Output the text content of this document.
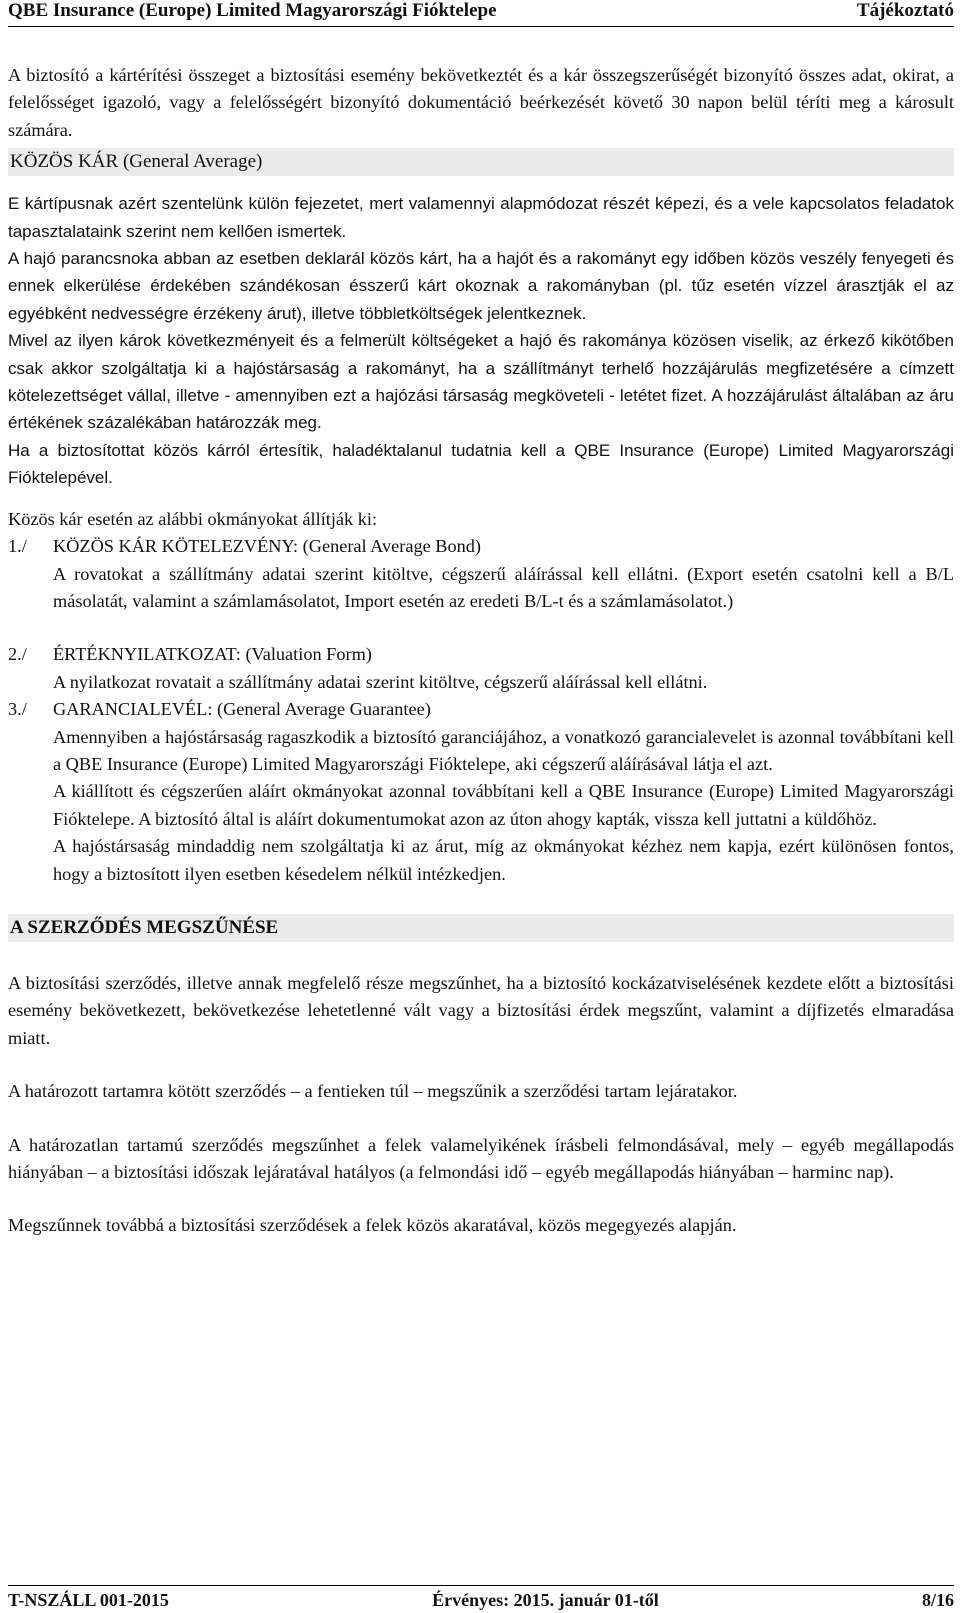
QBE Insurance (Europe) Limited Magyarországi Fióktelepe	Tájékoztató

A biztosító a kártérítési összeget a biztosítási esemény bekövetkeztét és a kár összegszerűségét bizonyító összes adat, okirat, a felelősséget igazoló, vagy a felelősségért bizonyító dokumentáció beérkezését követő 30 napon belül téríti meg a károsult számára.

KÖZÖS KÁR (General Average)

E kártípusnak azért szentelünk külön fejezetet, mert valamennyi alapmódozat részét képezi, és a vele kapcsolatos feladatok tapasztalataink szerint nem kellően ismertek.

A hajó parancsnoka abban az esetben deklarál közös kárt, ha a hajót és a rakományt egy időben közös veszély fenyegeti és ennek elkerülése érdekében szándékosan ésszerű kárt okoznak a rakományban (pl. tűz esetén vízzel árasztják el az egyébként nedvességre érzékeny árut), illetve többletköltségek jelentkeznek.

Mivel az ilyen károk következményeit és a felmerült költségeket a hajó és rakománya közösen viselik, az érkező kikötőben csak akkor szolgáltatja ki a hajóstársaság a rakományt, ha a szállítmányt terhelő hozzájárulás megfizetésére a címzett kötelezettséget vállal, illetve - amennyiben ezt a hajózási társaság megköveteli - letétet fizet. A hozzájárulást általában az áru értékének százalékában határozzák meg.

Ha a biztosítottat közös kárról értesítik, haladéktalanul tudatnia kell a QBE Insurance (Europe) Limited Magyarországi Fióktelepével.

Közös kár esetén az alábbi okmányokat állítják ki:

1./	KÖZÖS KÁR KÖTELEZVÉNY: (General Average Bond)

A rovatokat a szállítmány adatai szerint kitöltve, cégszerű aláírással kell ellátni. (Export esetén csatolni kell a B/L másolatát, valamint a számlamásolatot, Import esetén az eredeti B/L-t és a számlamásolatot.)

2./	ÉRTÉKNYILATKOZAT: (Valuation Form)

A nyilatkozat rovatait a szállítmány adatai szerint kitöltve, cégszerű aláírással kell ellátni.

3./	GARANCIALEVÉL: (General Average Guarantee)

Amennyiben a hajóstársaság ragaszkodik a biztosító garanciájához, a vonatkozó garancialevelet is azonnal továbbítani kell a QBE Insurance (Europe) Limited Magyarországi Fióktelepe, aki cégszerű aláírásával látja el azt.

A kiállított és cégszerűen aláírt okmányokat azonnal továbbítani kell a QBE Insurance (Europe) Limited Magyarországi Fióktelepe. A biztosító által is aláírt dokumentumokat azon az úton ahogy kapták, vissza kell juttatni a küldőhöz.

A hajóstársaság mindaddig nem szolgáltatja ki az árut, míg az okmányokat kézhez nem kapja, ezért különösen fontos, hogy a biztosított ilyen esetben késedelem nélkül intézkedjen.

A SZERZŐDÉS MEGSZŰNÉSE

A biztosítási szerződés, illetve annak megfelelő része megszűnhet, ha a biztosító kockázatviselésének kezdete előtt a biztosítási esemény bekövetkezett, bekövetkezése lehetetlenné vált vagy a biztosítási érdek megszűnt, valamint a díjfizetés elmaradása miatt.

A határozott tartamra kötött szerződés – a fentieken túl – megszűnik a szerződési tartam lejáratakor.

A határozatlan tartamú szerződés megszűnhet a felek valamelyikének írásbeli felmondásával, mely – egyéb megállapodás hiányában – a biztosítási időszak lejáratával hatályos (a felmondási idő – egyéb megállapodás hiányában – harminc nap).

Megszűnnek továbbá a biztosítási szerződések a felek közös akaratával, közös megegyezés alapján.

T-NSZÁLL 001-2015	Érvényes: 2015. január 01-től	8/16
